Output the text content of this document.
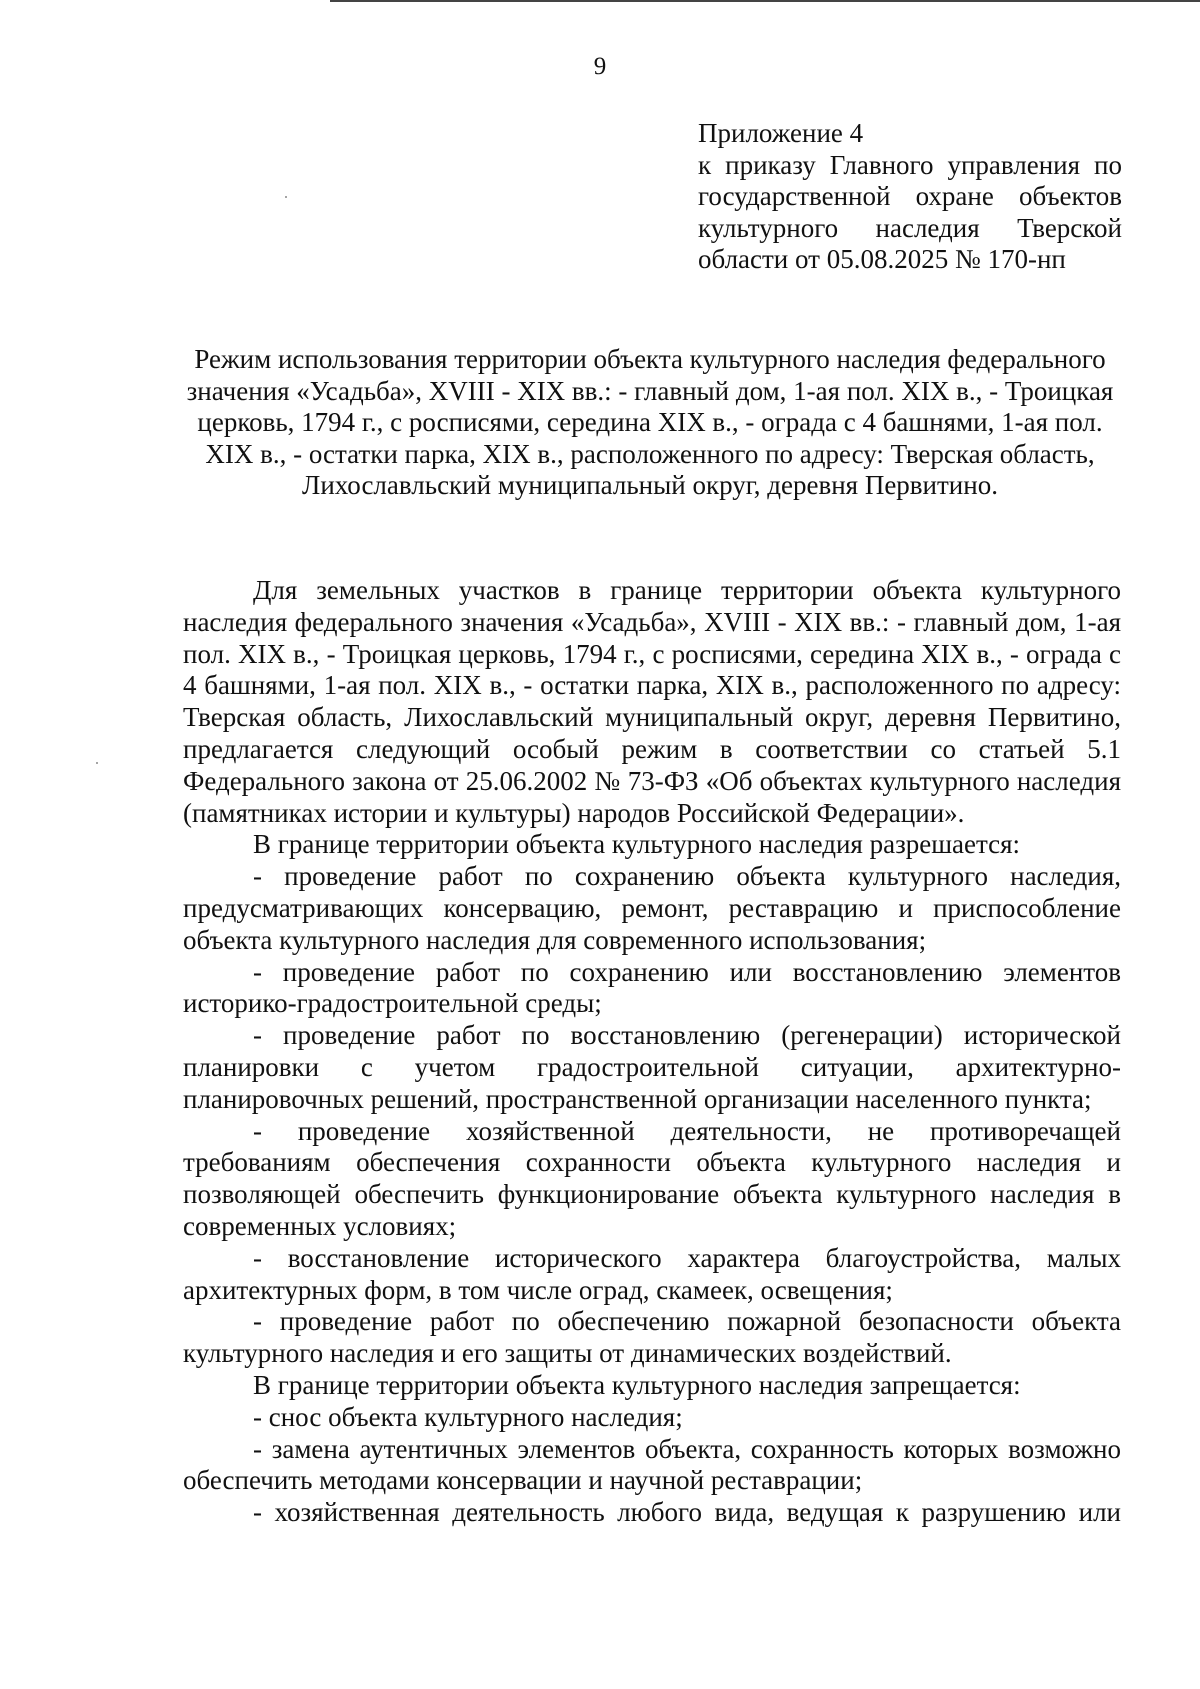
9
Приложение 4
к приказу Главного управления по государственной охране объектов культурного наследия Тверской области от 05.08.2025 № 170-нп
Режим использования территории объекта культурного наследия федерального значения «Усадьба», XVIII - XIX вв.: - главный дом, 1-ая пол. XIX в., - Троицкая церковь, 1794 г., с росписями, середина XIX в., - ограда с 4 башнями, 1-ая пол. XIX в., - остатки парка, XIX в., расположенного по адресу: Тверская область, Лихославльский муниципальный округ, деревня Первитино.

Для земельных участков в границе территории объекта культурного наследия федерального значения «Усадьба», XVIII - XIX вв.: - главный дом, 1-ая пол. XIX в., - Троицкая церковь, 1794 г., с росписями, середина XIX в., - ограда с 4 башнями, 1-ая пол. XIX в., - остатки парка, XIX в., расположенного по адресу: Тверская область, Лихославльский муниципальный округ, деревня Первитино, предлагается следующий особый режим в соответствии со статьей 5.1 Федерального закона от 25.06.2002 № 73-ФЗ «Об объектах культурного наследия (памятниках истории и культуры) народов Российской Федерации».

В границе территории объекта культурного наследия разрешается:

- проведение работ по сохранению объекта культурного наследия, предусматривающих консервацию, ремонт, реставрацию и приспособление объекта культурного наследия для современного использования;

- проведение работ по сохранению или восстановлению элементов историко-градостроительной среды;

- проведение работ по восстановлению (регенерации) исторической планировки с учетом градостроительной ситуации, архитектурно-планировочных решений, пространственной организации населенного пункта;

- проведение хозяйственной деятельности, не противоречащей требованиям обеспечения сохранности объекта культурного наследия и позволяющей обеспечить функционирование объекта культурного наследия в современных условиях;

- восстановление исторического характера благоустройства, малых архитектурных форм, в том числе оград, скамеек, освещения;

- проведение работ по обеспечению пожарной безопасности объекта культурного наследия и его защиты от динамических воздействий.

В границе территории объекта культурного наследия запрещается:

- снос объекта культурного наследия;

- замена аутентичных элементов объекта, сохранность которых возможно обеспечить методами консервации и научной реставрации;

- хозяйственная деятельность любого вида, ведущая к разрушению или
